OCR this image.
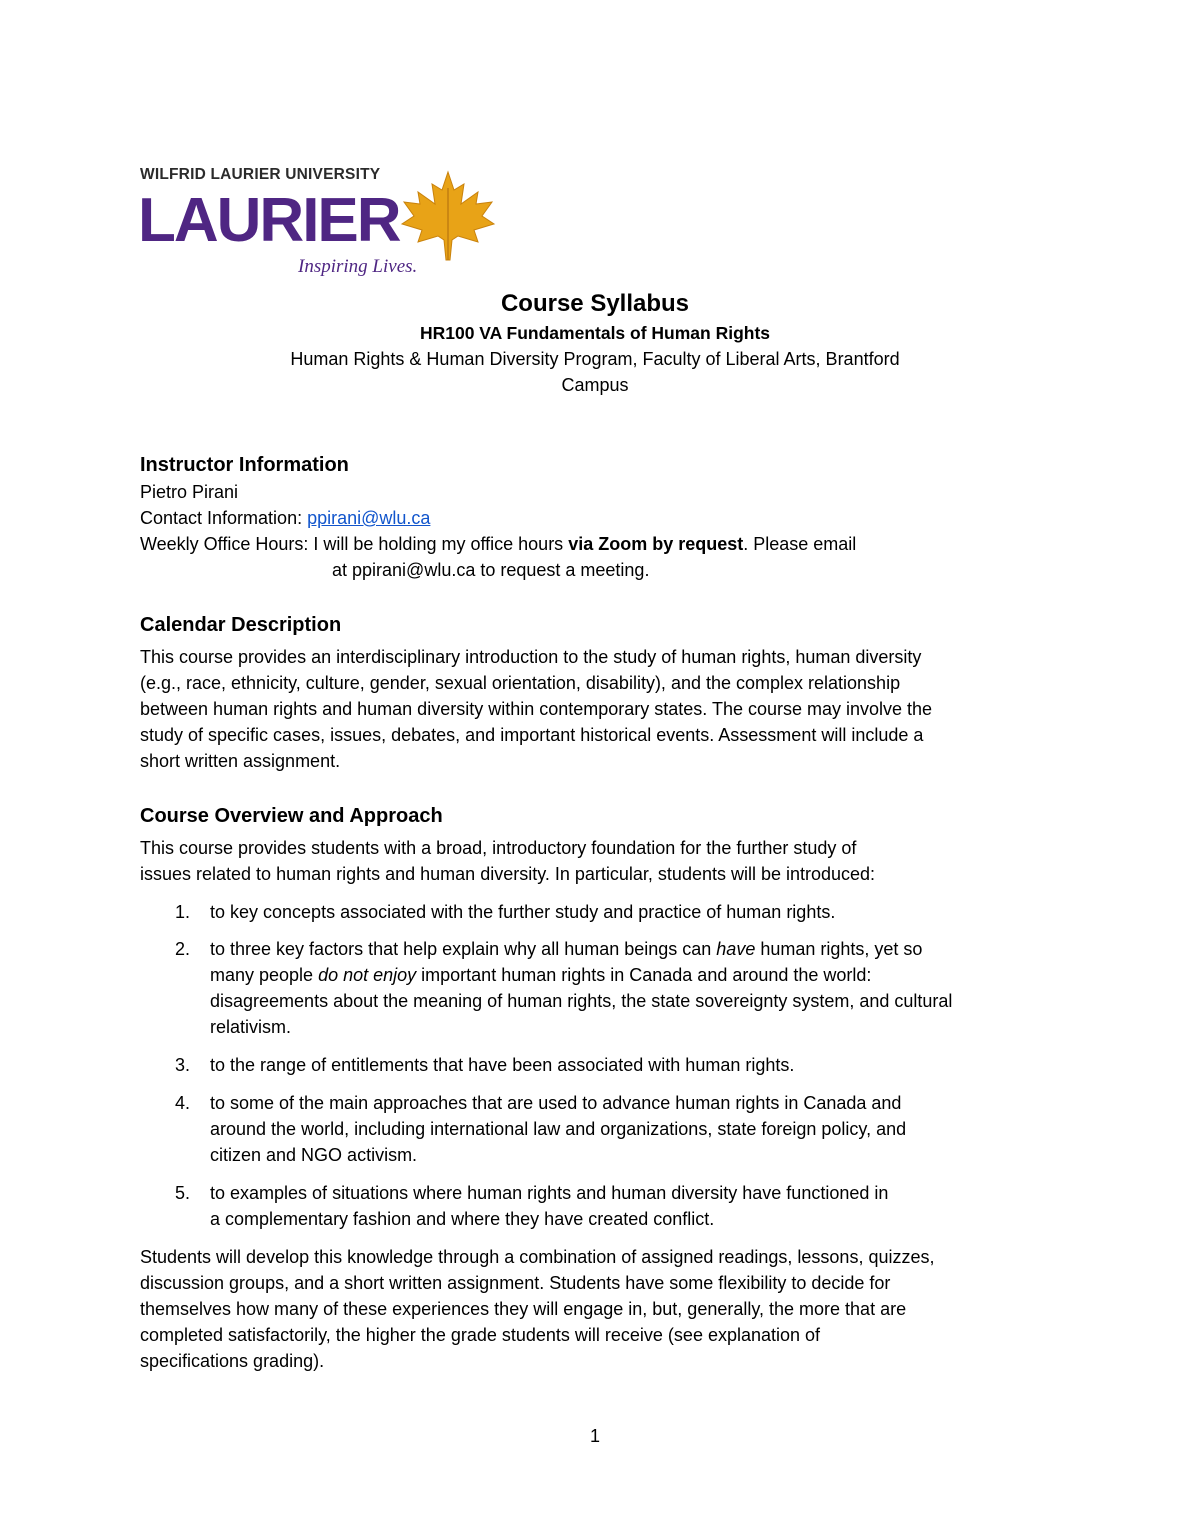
WILFRID LAURIER UNIVERSITY
LAURIER
Inspiring Lives.
Course Syllabus
HR100 VA Fundamentals of Human Rights
Human Rights & Human Diversity Program, Faculty of Liberal Arts, Brantford
Campus
Instructor Information
Pietro Pirani
Contact Information: ppirani@wlu.ca
Weekly Office Hours: I will be holding my office hours via Zoom by request. Please email
at ppirani@wlu.ca to request a meeting.
Calendar Description
This course provides an interdisciplinary introduction to the study of human rights, human diversity
(e.g., race, ethnicity, culture, gender, sexual orientation, disability), and the complex relationship
between human rights and human diversity within contemporary states. The course may involve the
study of specific cases, issues, debates, and important historical events. Assessment will include a
short written assignment.
Course Overview and Approach
This course provides students with a broad, introductory foundation for the further study of
issues related to human rights and human diversity. In particular, students will be introduced:
1. to key concepts associated with the further study and practice of human rights.
2. to three key factors that help explain why all human beings can have human rights, yet so
many people do not enjoy important human rights in Canada and around the world:
disagreements about the meaning of human rights, the state sovereignty system, and cultural
relativism.
3. to the range of entitlements that have been associated with human rights.
4. to some of the main approaches that are used to advance human rights in Canada and
around the world, including international law and organizations, state foreign policy, and
citizen and NGO activism.
5. to examples of situations where human rights and human diversity have functioned in
a complementary fashion and where they have created conflict.
Students will develop this knowledge through a combination of assigned readings, lessons, quizzes,
discussion groups, and a short written assignment. Students have some flexibility to decide for
themselves how many of these experiences they will engage in, but, generally, the more that are
completed satisfactorily, the higher the grade students will receive (see explanation of
specifications grading).
1
